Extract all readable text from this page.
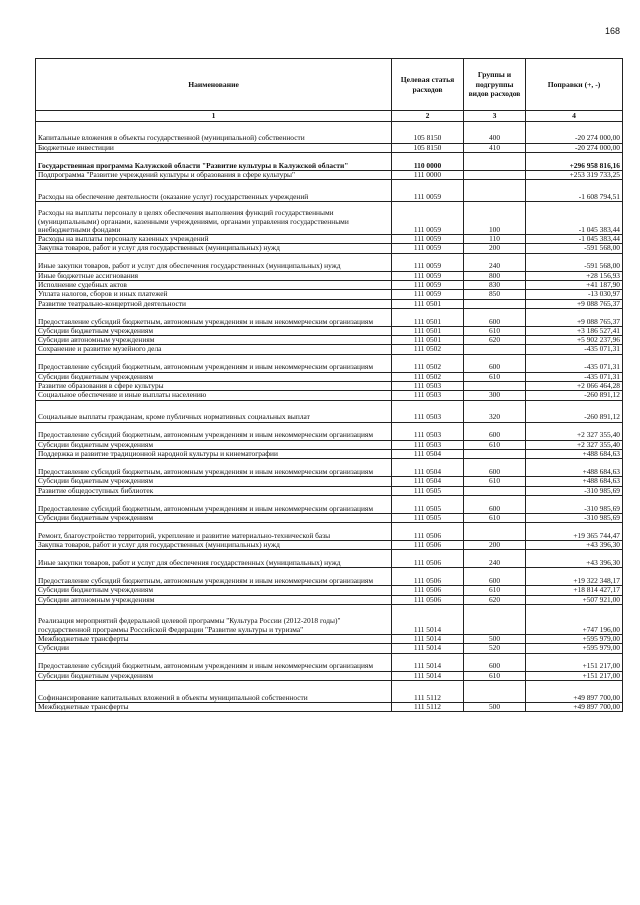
168
Наименование	Целевая статья расходов	Группы и подгруппы видов расходов	Поправки (+, -)
1	2	3	4
Капитальные вложения в объекты государственной (муниципальной) собственности	105 8150	400	-20 274 000,00
Бюджетные инвестиции	105 8150	410	-20 274 000,00
Государственная программа Калужской области "Развитие культуры в Калужской области"	110 0000		+296 958 816,16
Подпрограмма "Развитие учреждений культуры и образования в сфере культуры"	111 0000		+253 319 733,25
Расходы на обеспечение деятельности (оказание услуг) государственных учреждений	111 0059		-1 608 794,51
Расходы на выплаты персоналу в целях обеспечения выполнения функций государственными (муниципальными) органами, казенными учреждениями, органами управления государственными внебюджетными фондами	111 0059	100	-1 045 383,44
Расходы на выплаты персоналу казенных учреждений	111 0059	110	-1 045 383,44
Закупка товаров, работ и услуг для государственных (муниципальных) нужд	111 0059	200	-591 568,00
Иные закупки товаров, работ и услуг для обеспечения государственных (муниципальных) нужд	111 0059	240	-591 568,00
Иные бюджетные ассигнования	111 0059	800	+28 156,93
Исполнение судебных актов	111 0059	830	+41 187,90
Уплата налогов, сборов и иных платежей	111 0059	850	-13 030,97
Развитие театрально-концертной деятельности	111 0501		+9 088 765,37
Предоставление субсидий бюджетным, автономным учреждениям и иным некоммерческим организациям	111 0501	600	+9 088 765,37
Субсидии бюджетным учреждениям	111 0501	610	+3 186 527,41
Субсидии автономным учреждениям	111 0501	620	+5 902 237,96
Сохранение и развитие музейного дела	111 0502		-435 071,31
Предоставление субсидий бюджетным, автономным учреждениям и иным некоммерческим организациям	111 0502	600	-435 071,31
Субсидии бюджетным учреждениям	111 0502	610	-435 071,31
Развитие образования в сфере культуры	111 0503		+2 066 464,28
Социальное обеспечение и иные выплаты населению	111 0503	300	-260 891,12
Социальные выплаты гражданам, кроме публичных нормативных социальных выплат	111 0503	320	-260 891,12
Предоставление субсидий бюджетным, автономным учреждениям и иным некоммерческим организациям	111 0503	600	+2 327 355,40
Субсидии бюджетным учреждениям	111 0503	610	+2 327 355,40
Поддержка и развитие традиционной народной культуры и кинематографии	111 0504		+488 684,63
Предоставление субсидий бюджетным, автономным учреждениям и иным некоммерческим организациям	111 0504	600	+488 684,63
Субсидии бюджетным учреждениям	111 0504	610	+488 684,63
Развитие общедоступных библиотек	111 0505		-310 985,69
Предоставление субсидий бюджетным, автономным учреждениям и иным некоммерческим организациям	111 0505	600	-310 985,69
Субсидии бюджетным учреждениям	111 0505	610	-310 985,69
Ремонт, благоустройство территорий, укрепление и развитие материально-технической базы	111 0506		+19 365 744,47
Закупка товаров, работ и услуг для государственных (муниципальных) нужд	111 0506	200	+43 396,30
Иные закупки товаров, работ и услуг для обеспечения государственных (муниципальных) нужд	111 0506	240	+43 396,30
Предоставление субсидий бюджетным, автономным учреждениям и иным некоммерческим организациям	111 0506	600	+19 322 348,17
Субсидии бюджетным учреждениям	111 0506	610	+18 814 427,17
Субсидии автономным учреждениям	111 0506	620	+507 921,00
Реализация мероприятий федеральной целевой программы "Культура России (2012-2018 годы)" государственной программы Российской Федерации "Развитие культуры и туризма"	111 5014		+747 196,00
Межбюджетные трансферты	111 5014	500	+595 979,00
Субсидии	111 5014	520	+595 979,00
Предоставление субсидий бюджетным, автономным учреждениям и иным некоммерческим организациям	111 5014	600	+151 217,00
Субсидии бюджетным учреждениям	111 5014	610	+151 217,00
Софинансирование капитальных вложений в объекты муниципальной собственности	111 5112		+49 897 700,00
Межбюджетные трансферты	111 5112	500	+49 897 700,00
